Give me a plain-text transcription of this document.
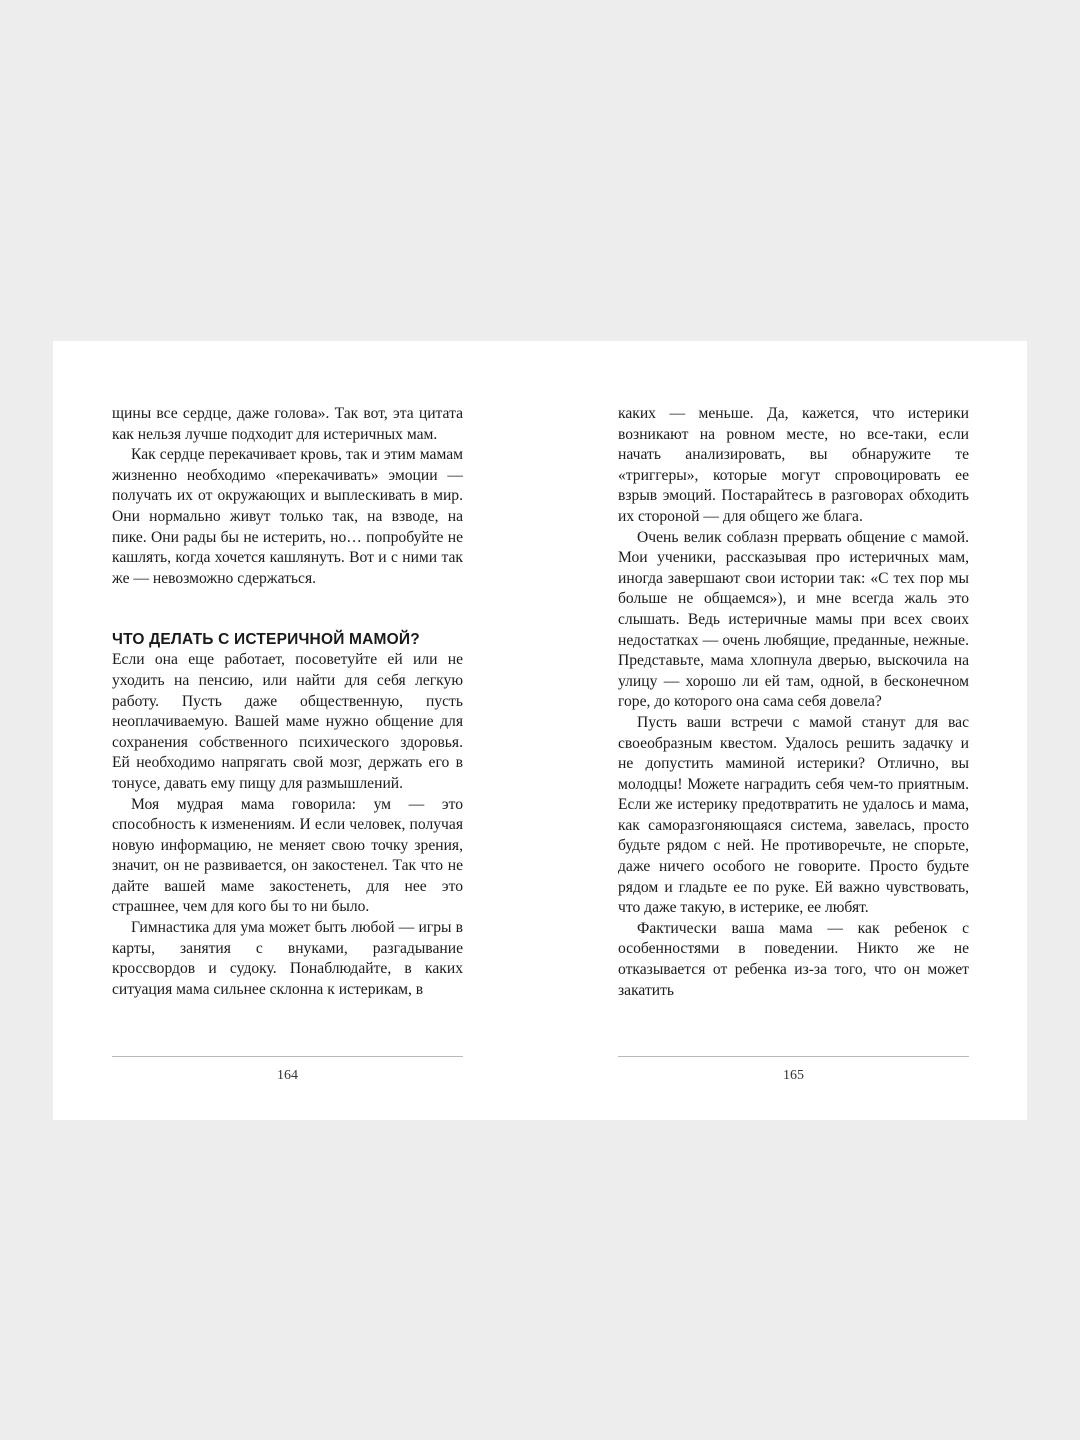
щины все сердце, даже голова». Так вот, эта цитата как нельзя лучше подходит для истеричных мам.

Как сердце перекачивает кровь, так и этим мамам жизненно необходимо «перекачивать» эмоции — получать их от окружающих и выплескивать в мир. Они нормально живут только так, на взводе, на пике. Они рады бы не истерить, но… попробуйте не кашлять, когда хочется кашлянуть. Вот и с ними так же — невозможно сдержаться.

ЧТО ДЕЛАТЬ С ИСТЕРИЧНОЙ МАМОЙ?

Если она еще работает, посоветуйте ей или не уходить на пенсию, или найти для себя легкую работу. Пусть даже общественную, пусть неоплачиваемую. Вашей маме нужно общение для сохранения собственного психического здоровья. Ей необходимо напрягать свой мозг, держать его в тонусе, давать ему пищу для размышлений.

Моя мудрая мама говорила: ум — это способность к изменениям. И если человек, получая новую информацию, не меняет свою точку зрения, значит, он не развивается, он закостенел. Так что не дайте вашей маме закостенеть, для нее это страшнее, чем для кого бы то ни было.

Гимнастика для ума может быть любой — игры в карты, занятия с внуками, разгадывание кроссвордов и судоку. Понаблюдайте, в каких ситуация мама сильнее склонна к истерикам, в

164

каких — меньше. Да, кажется, что истерики возникают на ровном месте, но все-таки, если начать анализировать, вы обнаружите те «триггеры», которые могут спровоцировать ее взрыв эмоций. Постарайтесь в разговорах обходить их стороной — для общего же блага.

Очень велик соблазн прервать общение с мамой. Мои ученики, рассказывая про истеричных мам, иногда завершают свои истории так: «С тех пор мы больше не общаемся»), и мне всегда жаль это слышать. Ведь истеричные мамы при всех своих недостатках — очень любящие, преданные, нежные. Представьте, мама хлопнула дверью, выскочила на улицу — хорошо ли ей там, одной, в бесконечном горе, до которого она сама себя довела?

Пусть ваши встречи с мамой станут для вас своеобразным квестом. Удалось решить задачку и не допустить маминой истерики? Отлично, вы молодцы! Можете наградить себя чем-то приятным. Если же истерику предотвратить не удалось и мама, как саморазгоняющаяся система, завелась, просто будьте рядом с ней. Не противоречьте, не спорьте, даже ничего особого не говорите. Просто будьте рядом и гладьте ее по руке. Ей важно чувствовать, что даже такую, в истерике, ее любят.

Фактически ваша мама — как ребенок с особенностями в поведении. Никто же не отказывается от ребенка из-за того, что он может закатить

165
